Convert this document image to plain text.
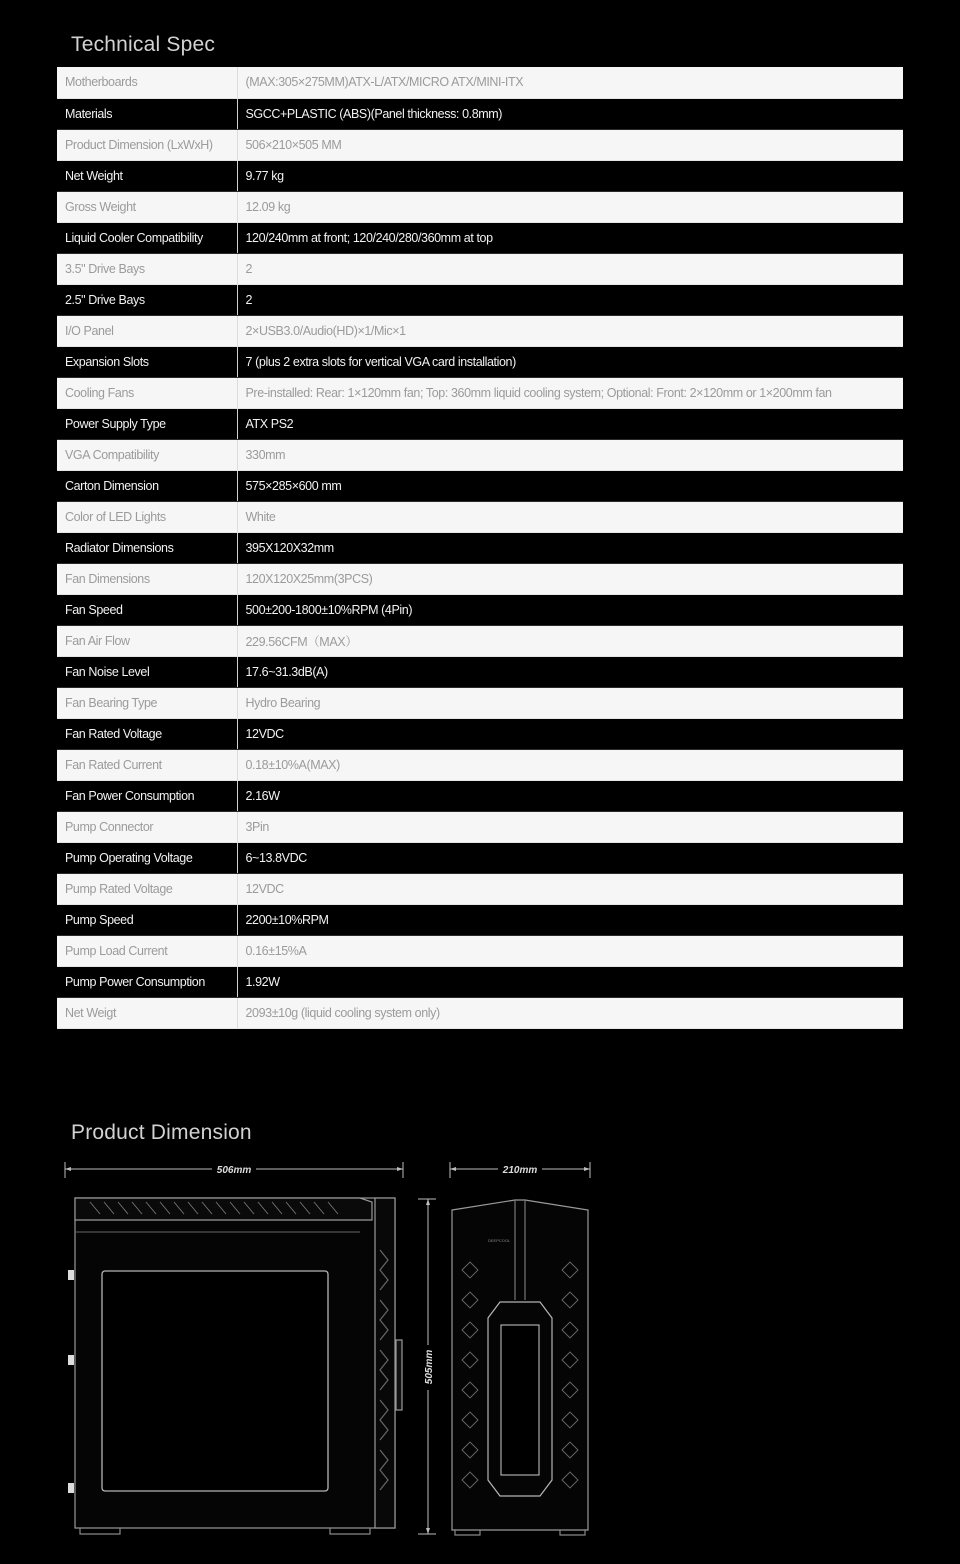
Technical Spec
Motherboards	(MAX:305×275MM)ATX-L/ATX/MICRO ATX/MINI-ITX
Materials	SGCC+PLASTIC (ABS)(Panel thickness: 0.8mm)
Product Dimension (LxWxH)	506×210×505 MM
Net Weight	9.77 kg
Gross Weight	12.09 kg
Liquid Cooler Compatibility	120/240mm at front; 120/240/280/360mm at top
3.5" Drive Bays	2
2.5" Drive Bays	2
I/O Panel	2×USB3.0/Audio(HD)×1/Mic×1
Expansion Slots	7 (plus 2 extra slots for vertical VGA card installation)
Cooling Fans	Pre-installed: Rear: 1×120mm fan; Top: 360mm liquid cooling system; Optional: Front: 2×120mm or 1×200mm fan
Power Supply Type	ATX PS2
VGA Compatibility	330mm
Carton Dimension	575×285×600 mm
Color of LED Lights	White
Radiator Dimensions	395X120X32mm
Fan Dimensions	120X120X25mm(3PCS)
Fan Speed	500±200-1800±10%RPM (4Pin)
Fan Air Flow	229.56CFM（MAX）
Fan Noise Level	17.6~31.3dB(A)
Fan Bearing Type	Hydro Bearing
Fan Rated Voltage	12VDC
Fan Rated Current	0.18±10%A(MAX)
Fan Power Consumption	2.16W
Pump Connector	3Pin
Pump Operating Voltage	6~13.8VDC
Pump Rated Voltage	12VDC
Pump Speed	2200±10%RPM
Pump Load Current	0.16±15%A
Pump Power Consumption	1.92W
Net Weigt	2093±10g (liquid cooling system only)
Product Dimension
506mm	210mm
505mm
DEEPCOOL
